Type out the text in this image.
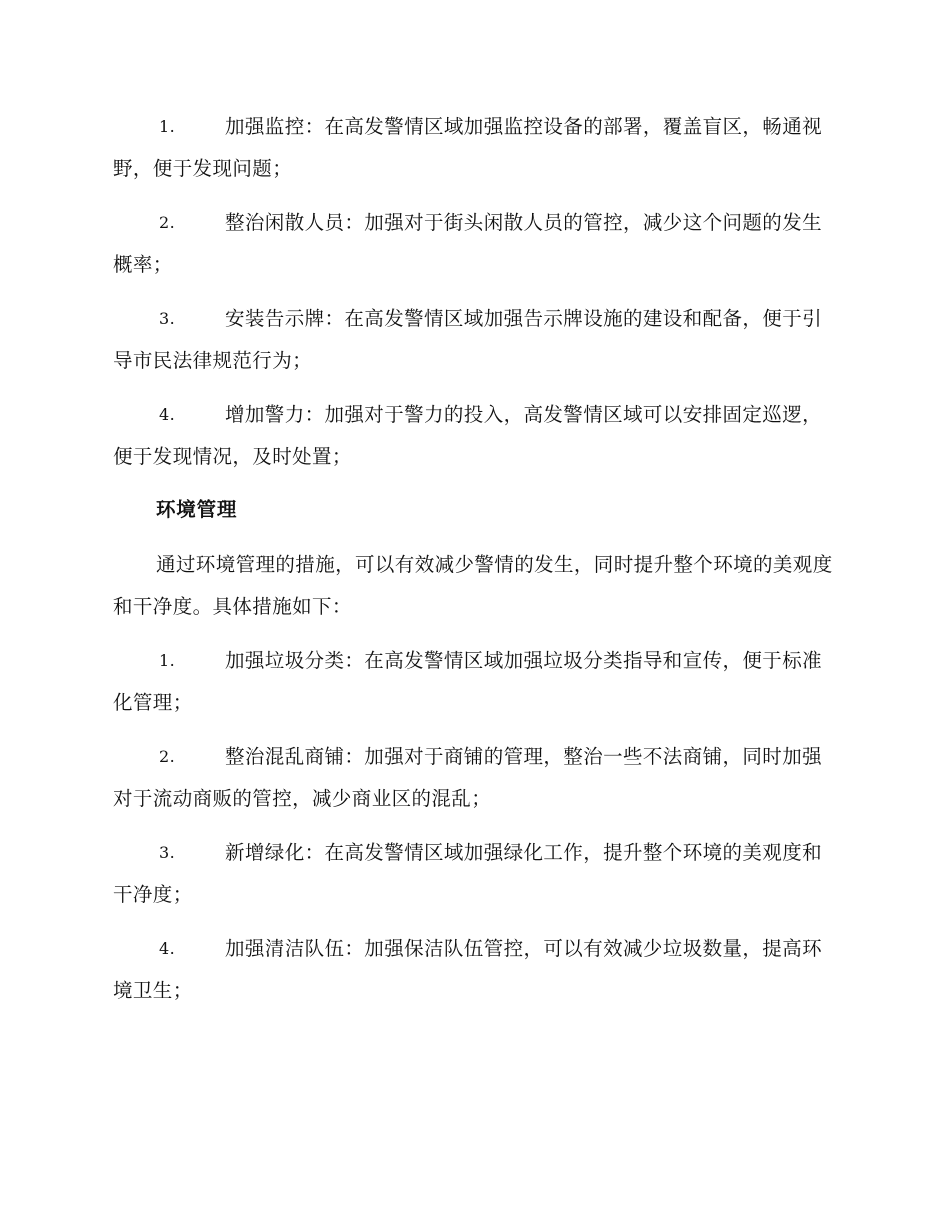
1.	加强监控：在高发警情区域加强监控设备的部署，覆盖盲区，畅通视野，便于发现问题；
2.	整治闲散人员：加强对于街头闲散人员的管控，减少这个问题的发生概率；
3.	安装告示牌：在高发警情区域加强告示牌设施的建设和配备，便于引导市民法律规范行为；
4.	增加警力：加强对于警力的投入，高发警情区域可以安排固定巡逻，便于发现情况，及时处置；
环境管理

通过环境管理的措施，可以有效减少警情的发生，同时提升整个环境的美观度和干净度。具体措施如下：

1.	加强垃圾分类：在高发警情区域加强垃圾分类指导和宣传，便于标准化管理；
2.	整治混乱商铺：加强对于商铺的管理，整治一些不法商铺，同时加强对于流动商贩的管控，减少商业区的混乱；
3.	新增绿化：在高发警情区域加强绿化工作，提升整个环境的美观度和干净度；
4.	加强清洁队伍：加强保洁队伍管控，可以有效减少垃圾数量，提高环境卫生；
